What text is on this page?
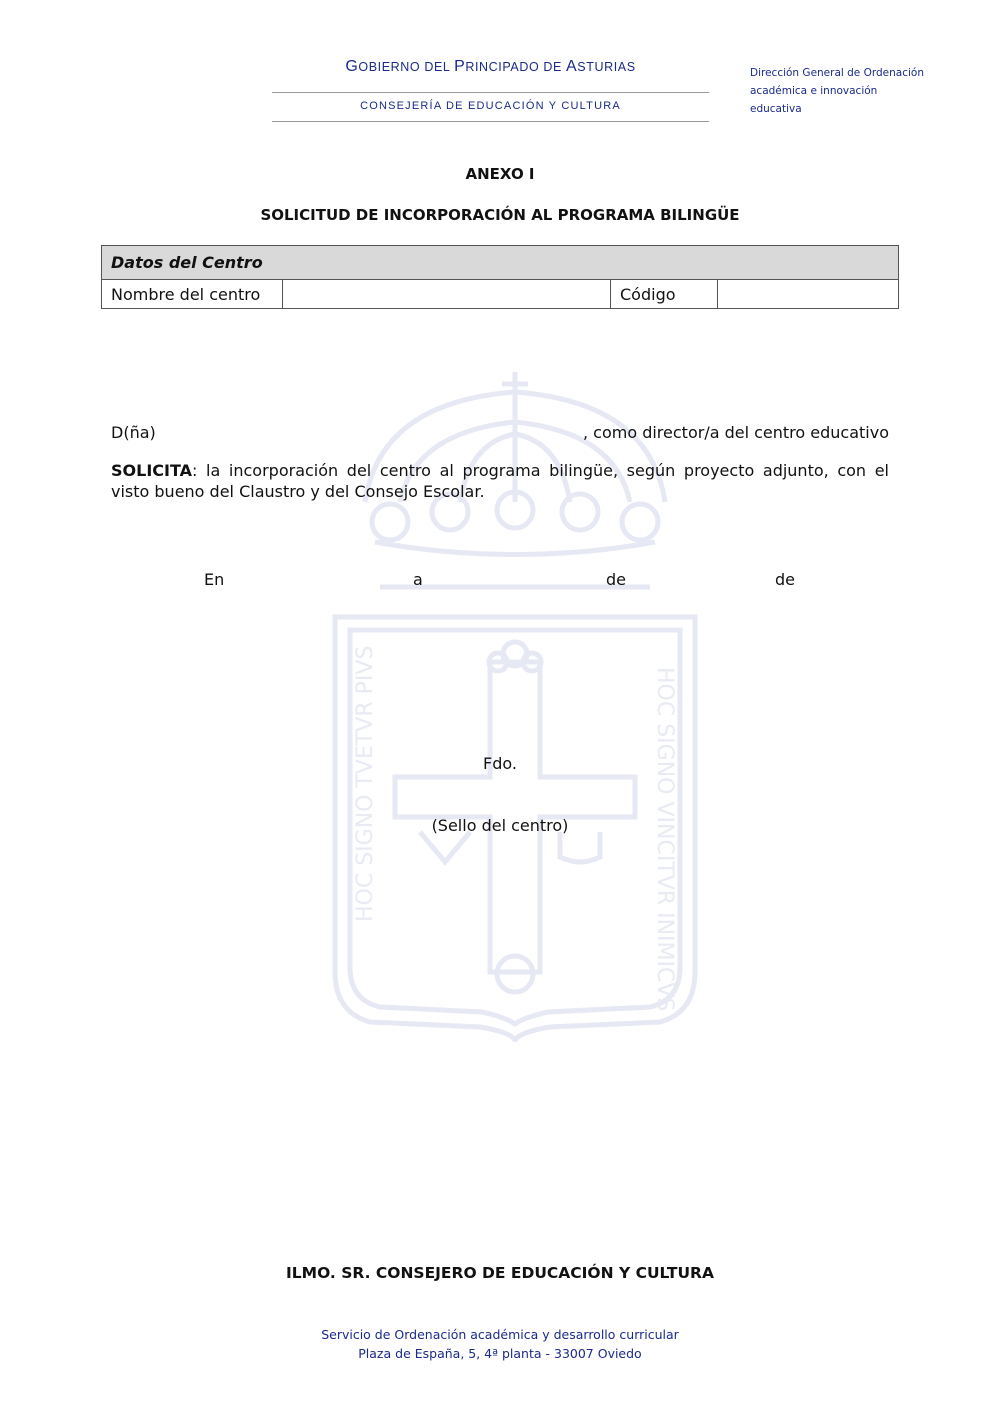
HOC SIGNO TVETVR PIVS	HOC SIGNO VINCITVR INIMICVS
GOBIERNO DEL PRINCIPADO DE ASTURIAS
CONSEJERÍA DE EDUCACIÓN Y CULTURA
Dirección General de Ordenación
académica e innovación
educativa
ANEXO I
SOLICITUD DE INCORPORACIÓN AL PROGRAMA BILINGÜE
Datos del Centro
Nombre del centro		Código	
D(ña)	, como director/a del centro educativo
SOLICITA: la incorporación del centro al programa bilingüe, según proyecto adjunto, con el visto bueno del Claustro y del Consejo Escolar.
En	a	de	de
Fdo.
(Sello del centro)
ILMO. SR. CONSEJERO DE EDUCACIÓN Y CULTURA
Servicio de Ordenación académica y desarrollo curricular
Plaza de España, 5, 4ª planta - 33007 Oviedo
